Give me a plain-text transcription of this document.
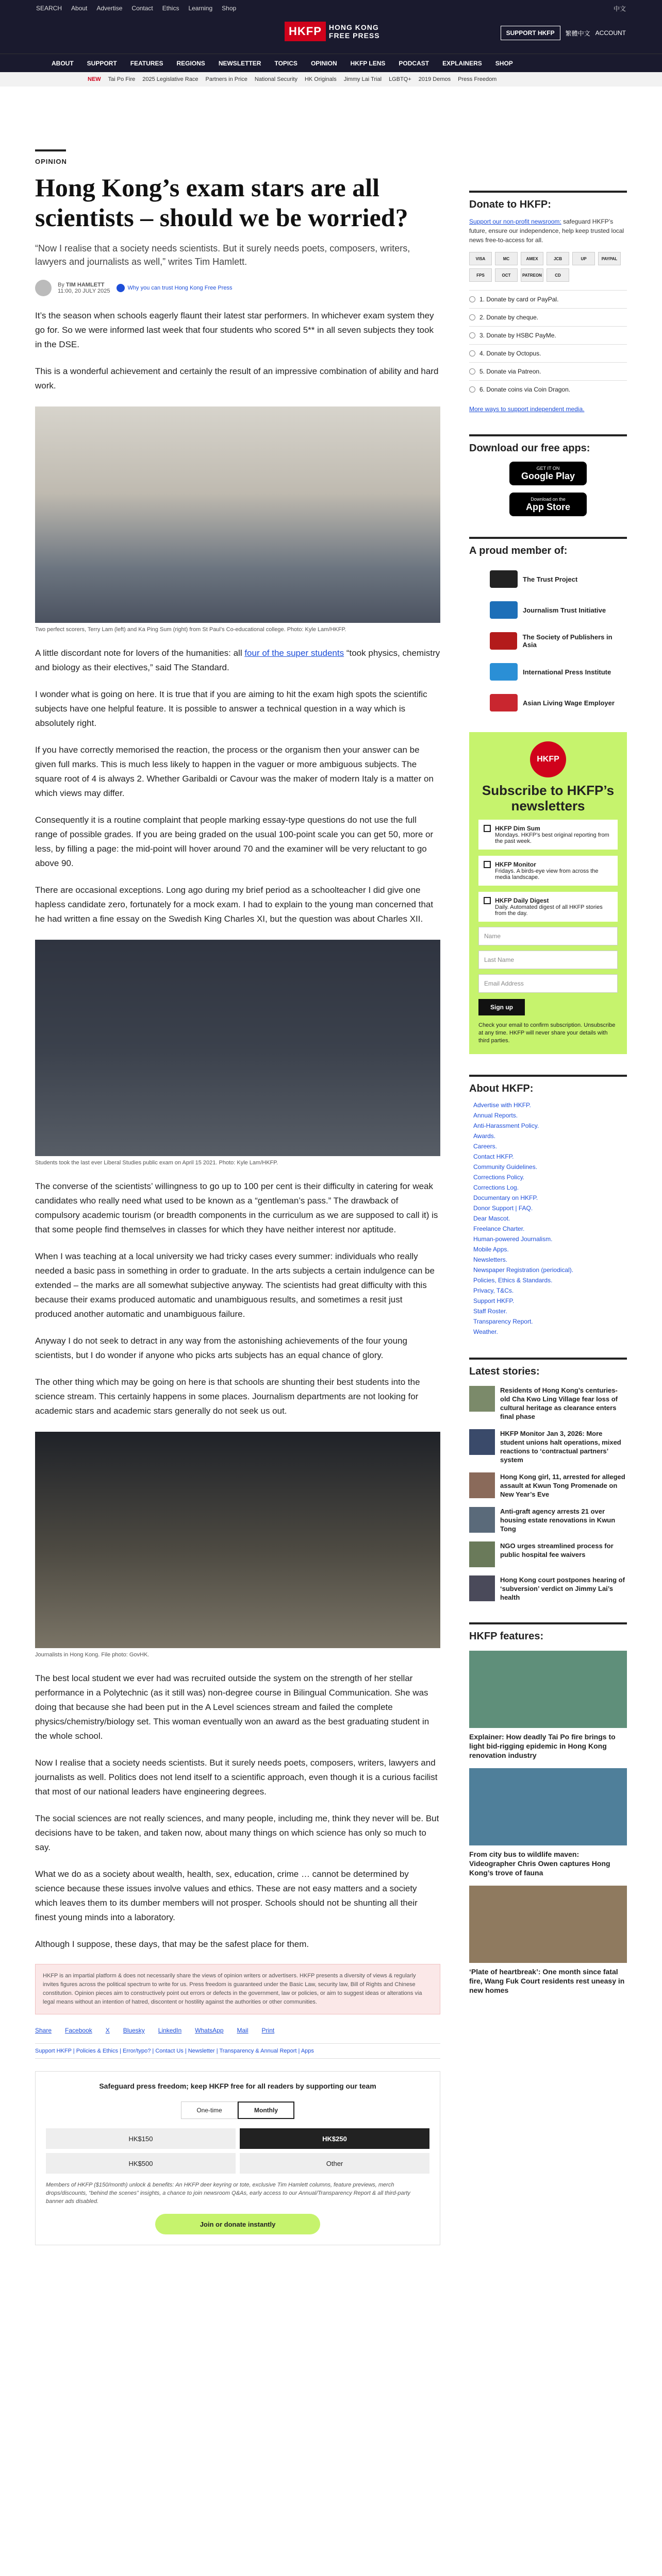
SEARCH About Advertise Contact Ethics Learning Shop	中文
HKFP	HONG KONG
FREE PRESS	SUPPORT HKFP	繁體中文 ACCOUNT
ABOUT SUPPORT FEATURES REGIONS NEWSLETTER TOPICS OPINION HKFP LENS PODCAST EXPLAINERS SHOP
NEW Tai Po Fire 2025 Legislative Race Partners in Price National Security HK Originals Jimmy Lai Trial LGBTQ+ 2019 Demos Press Freedom
OPINION
Hong Kong’s exam stars are all scientists – should we be worried?

“Now I realise that a society needs scientists. But it surely needs poets, composers, writers, lawyers and journalists as well,” writes Tim Hamlett.

By TIM HAMLETT
11:00, 20 JULY 2025	Why you can trust Hong Kong Free Press

It’s the season when schools eagerly flaunt their latest star performers. In whichever exam system they go for. So we were informed last week that four students who scored 5** in all seven subjects they took in the DSE.

This is a wonderful achievement and certainly the result of an impressive combination of ability and hard work.

Two perfect scorers, Terry Lam (left) and Ka Ping Sum (right) from St Paul’s Co-educational college. Photo: Kyle Lam/HKFP.

A little discordant note for lovers of the humanities: all four of the super students “took physics, chemistry and biology as their electives,” said The Standard.

I wonder what is going on here. It is true that if you are aiming to hit the exam high spots the scientific subjects have one helpful feature. It is possible to answer a technical question in a way which is absolutely right.

If you have correctly memorised the reaction, the process or the organism then your answer can be given full marks. This is much less likely to happen in the vaguer or more ambiguous subjects. The square root of 4 is always 2. Whether Garibaldi or Cavour was the maker of modern Italy is a matter on which views may differ.

Consequently it is a routine complaint that people marking essay-type questions do not use the full range of possible grades. If you are being graded on the usual 100-point scale you can get 50, more or less, by filling a page: the mid-point will hover around 70 and the examiner will be very reluctant to go above 90.

There are occasional exceptions. Long ago during my brief period as a schoolteacher I did give one hapless candidate zero, fortunately for a mock exam. I had to explain to the young man concerned that he had written a fine essay on the Swedish King Charles XI, but the question was about Charles XII.

Students took the last ever Liberal Studies public exam on April 15 2021. Photo: Kyle Lam/HKFP.

The converse of the scientists’ willingness to go up to 100 per cent is their difficulty in catering for weak candidates who really need what used to be known as a “gentleman’s pass.” The drawback of compulsory academic tourism (or breadth components in the curriculum as we are supposed to call it) is that some people find themselves in classes for which they have neither interest nor aptitude.

When I was teaching at a local university we had tricky cases every summer: individuals who really needed a basic pass in something in order to graduate. In the arts subjects a certain indulgence can be extended – the marks are all somewhat subjective anyway. The scientists had great difficulty with this because their exams produced automatic and unambiguous results, and sometimes a resit just produced another automatic and unambiguous failure.

Anyway I do not seek to detract in any way from the astonishing achievements of the four young scientists, but I do wonder if anyone who picks arts subjects has an equal chance of glory.

The other thing which may be going on here is that schools are shunting their best students into the science stream. This certainly happens in some places. Journalism departments are not looking for academic stars and academic stars generally do not seek us out.

Journalists in Hong Kong. File photo: GovHK.

The best local student we ever had was recruited outside the system on the strength of her stellar performance in a Polytechnic (as it still was) non-degree course in Bilingual Communication. She was doing that because she had been put in the A Level sciences stream and failed the complete physics/chemistry/biology set. This woman eventually won an award as the best graduating student in the whole school.

Now I realise that a society needs scientists. But it surely needs poets, composers, writers, lawyers and journalists as well. Politics does not lend itself to a scientific approach, even though it is a curious facilist that most of our national leaders have engineering degrees.

The social sciences are not really sciences, and many people, including me, think they never will be. But decisions have to be taken, and taken now, about many things on which science has only so much to say.

What we do as a society about wealth, health, sex, education, crime … cannot be determined by science because these issues involve values and ethics. These are not easy matters and a society which leaves them to its dumber members will not prosper. Schools should not be shunting all their finest young minds into a laboratory.

Although I suppose, these days, that may be the safest place for them.

HKFP is an impartial platform & does not necessarily share the views of opinion writers or advertisers. HKFP presents a diversity of views & regularly invites figures across the political spectrum to write for us. Press freedom is guaranteed under the Basic Law, security law, Bill of Rights and Chinese constitution. Opinion pieces aim to constructively point out errors or defects in the government, law or policies, or aim to suggest ideas or alterations via legal means without an intention of hatred, discontent or hostility against the authorities or other communities.
Share Facebook X Bluesky LinkedIn WhatsApp Mail Print
Support HKFP | Policies & Ethics | Error/typo? | Contact Us | Newsletter | Transparency & Annual Report | Apps
Safeguard press freedom; keep HKFP free for all readers by supporting our team
One-time	Monthly
HK$150	HK$250
HK$500	Other
Members of HKFP ($150/month) unlock & benefits: An HKFP deer keyring or tote, exclusive Tim Hamlett columns, feature previews, merch drops/discounts, “behind the scenes” insights, a chance to join newsroom Q&As, early access to our Annual/Transparency Report & all third-party banner ads disabled.
Join or donate instantly
Donate to HKFP:
Support our non-profit newsroom: safeguard HKFP’s future, ensure our independence, help keep trusted local news free-to-access for all.
VISA	MC	AMEX	JCB	UP	PAYPAL
FPS	OCT	PATREON	CD
1. Donate by card or PayPal.
2. Donate by cheque.
3. Donate by HSBC PayMe.
4. Donate by Octopus.
5. Donate via Patreon.
6. Donate coins via Coin Dragon.
More ways to support independent media.
Download our free apps:
GET IT ON
Google Play
Download on the
App Store
A proud member of:
The Trust Project
Journalism Trust Initiative
The Society of Publishers in Asia
International Press Institute
Asian Living Wage Employer
HKFP
Subscribe to HKFP’s newsletters
HKFP Dim Sum
Mondays. HKFP’s best original reporting from the past week.
HKFP Monitor
Fridays. A birds-eye view from across the media landscape.
HKFP Daily Digest
Daily. Automated digest of all HKFP stories from the day.
Name
Last Name
Email Address
Sign up
Check your email to confirm subscription. Unsubscribe at any time. HKFP will never share your details with third parties.
About HKFP:
Advertise with HKFP.
Annual Reports.
Anti-Harassment Policy.
Awards.
Careers.
Contact HKFP.
Community Guidelines.
Corrections Policy.
Corrections Log.
Documentary on HKFP.
Donor Support | FAQ.
Dear Mascot.
Freelance Charter.
Human-powered Journalism.
Mobile Apps.
Newsletters.
Newspaper Registration (periodical).
Policies, Ethics & Standards.
Privacy, T&Cs.
Support HKFP.
Staff Roster.
Transparency Report.
Weather.
Latest stories:
Residents of Hong Kong’s centuries-old Cha Kwo Ling Village fear loss of cultural heritage as clearance enters final phase
HKFP Monitor Jan 3, 2026: More student unions halt operations, mixed reactions to ‘contractual partners’ system
Hong Kong girl, 11, arrested for alleged assault at Kwun Tong Promenade on New Year’s Eve
Anti-graft agency arrests 21 over housing estate renovations in Kwun Tong
NGO urges streamlined process for public hospital fee waivers
Hong Kong court postpones hearing of ‘subversion’ verdict on Jimmy Lai’s health
HKFP features:
Explainer: How deadly Tai Po fire brings to light bid-rigging epidemic in Hong Kong renovation industry
From city bus to wildlife maven: Videographer Chris Owen captures Hong Kong’s trove of fauna
‘Plate of heartbreak’: One month since fatal fire, Wang Fuk Court residents rest uneasy in new homes
